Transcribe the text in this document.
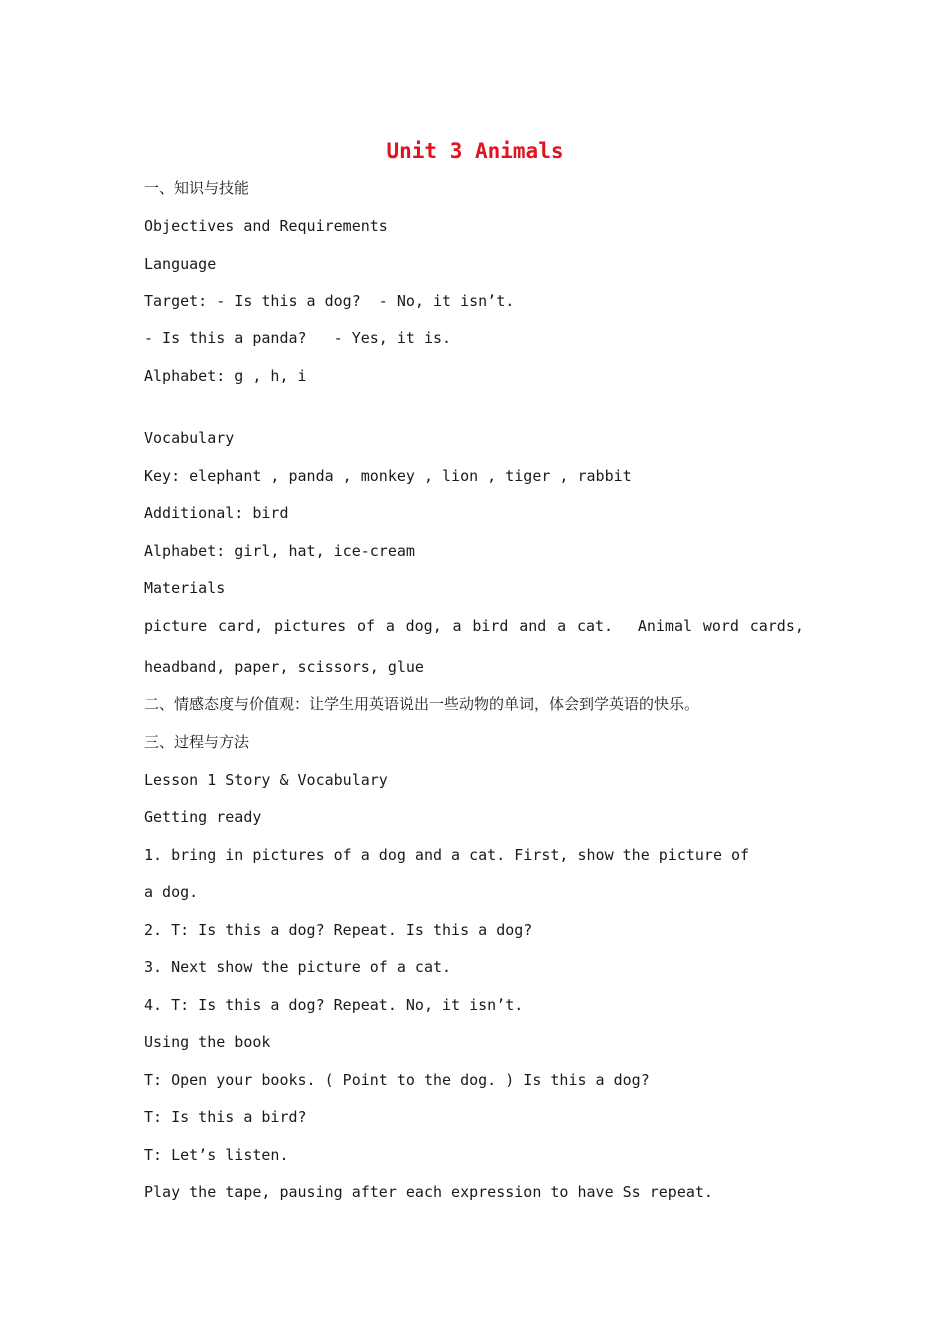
Unit 3 Animals
一、知识与技能
Objectives and Requirements
Language
Target: - Is this a dog?  - No, it isn’t.
- Is this a panda?   - Yes, it is.
Alphabet: g , h, i
Vocabulary
Key: elephant , panda , monkey , lion , tiger , rabbit
Additional: bird
Alphabet: girl, hat, ice-cream
Materials
picture card, pictures of a dog, a bird and a cat. Animal word cards,
headband, paper, scissors, glue
二、情感态度与价值观：让学生用英语说出一些动物的单词，体会到学英语的快乐。
三、过程与方法
Lesson 1 Story & Vocabulary
Getting ready
1. bring in pictures of a dog and a cat. First, show the picture of
a dog.
2. T: Is this a dog? Repeat. Is this a dog?
3. Next show the picture of a cat.
4. T: Is this a dog? Repeat. No, it isn’t.
Using the book
T: Open your books. ( Point to the dog. ) Is this a dog?
T: Is this a bird?
T: Let’s listen.
Play the tape, pausing after each expression to have Ss repeat.
